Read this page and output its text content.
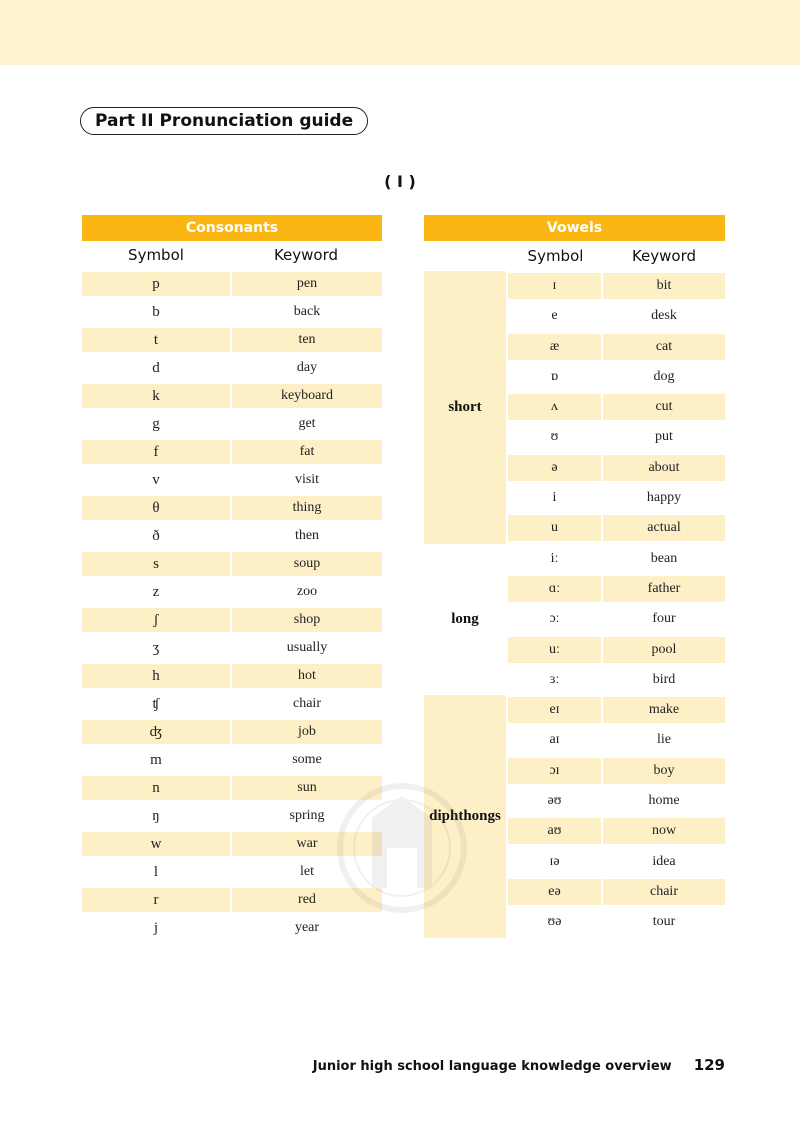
Part II Pronunciation guide
( I )
Consonants
Symbol	Keyword
p	pen
b	back
t	ten
d	day
k	keyboard
g	get
f	fat
v	visit
θ	thing
ð	then
s	soup
z	zoo
ʃ	shop
ʒ	usually
h	hot
ʧ	chair
ʤ	job
m	some
n	sun
ŋ	spring
w	war
l	let
r	red
j	year
Vowels
Symbol	Keyword
short
ɪ	bit
e	desk
æ	cat
ɒ	dog
ʌ	cut
ʊ	put
ə	about
i	happy
u	actual
long
iː	bean
ɑː	father
ɔː	four
uː	pool
ɜː	bird
diphthongs
eɪ	make
aɪ	lie
ɔɪ	boy
əʊ	home
aʊ	now
ɪə	idea
eə	chair
ʊə	tour
Junior high school language knowledge overview 129
